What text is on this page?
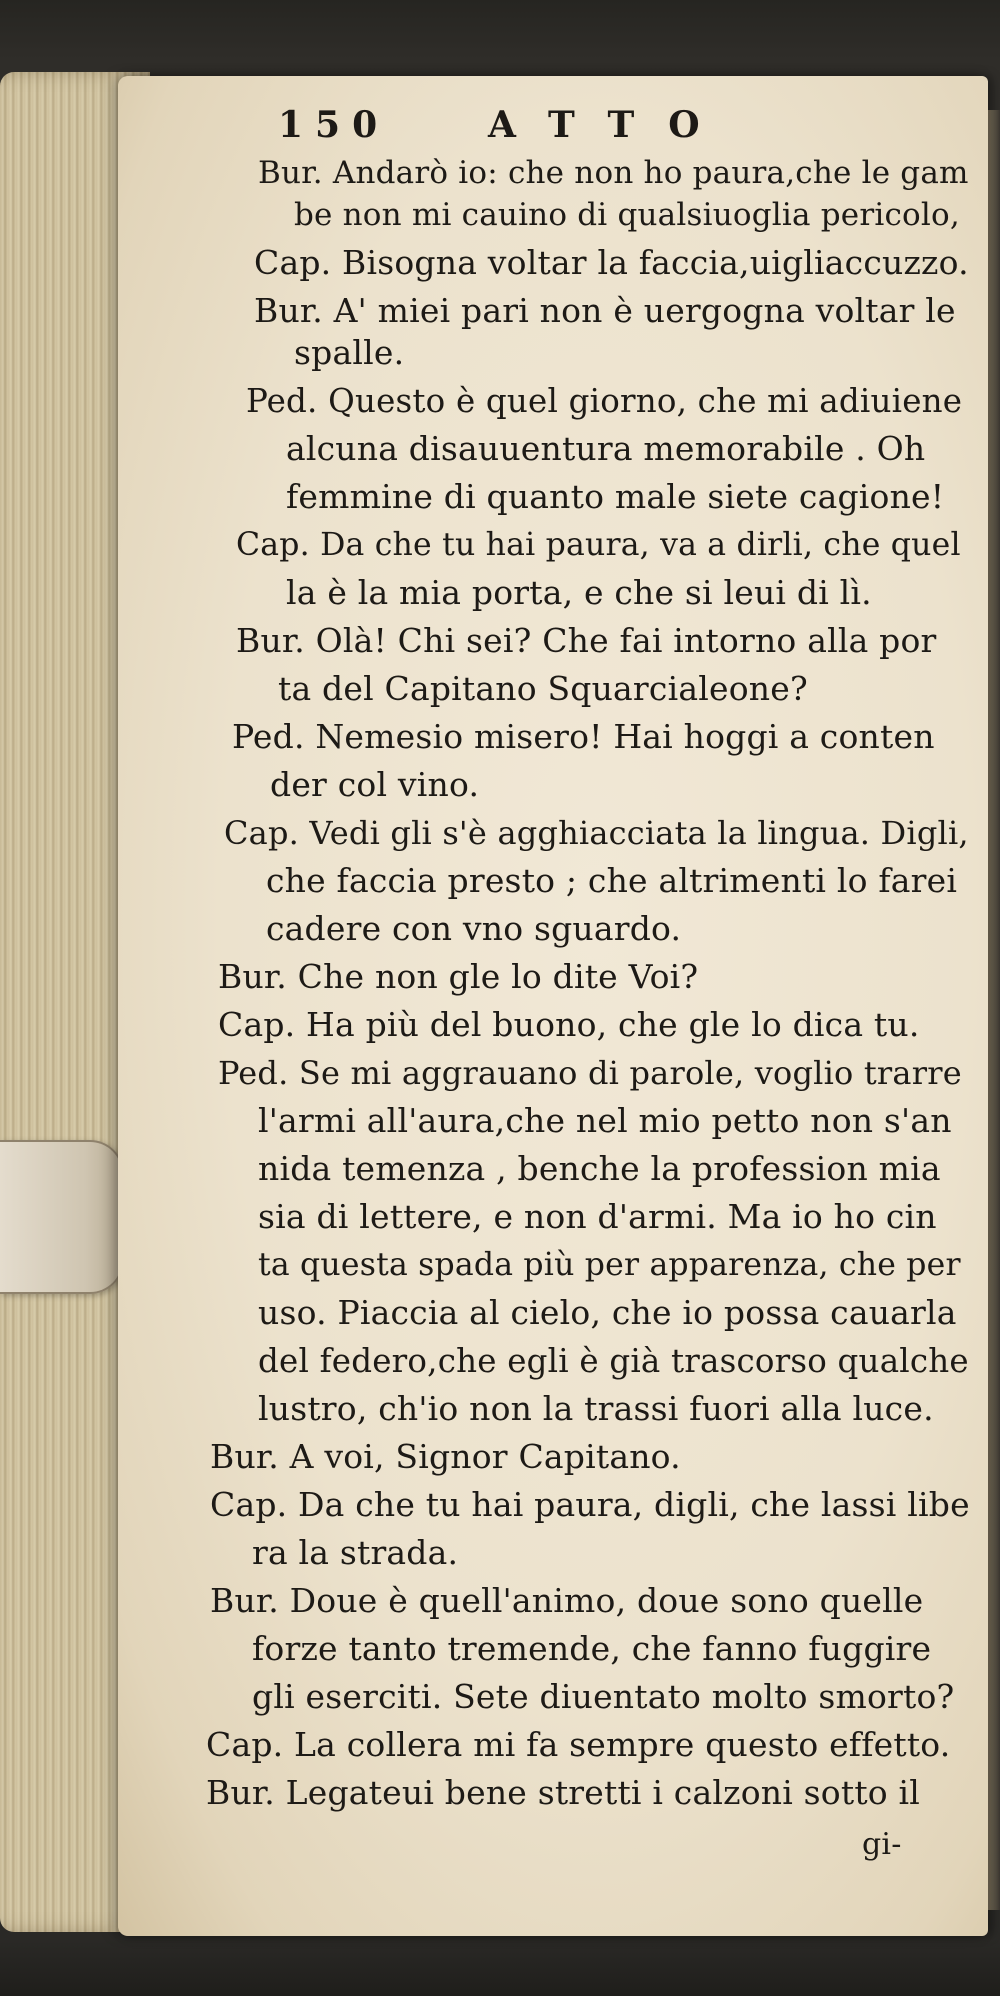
150	ATTO
Bur. Andarò io: che non ho paura,che le gam
be non mi cauino di qualsiuoglia pericolo,
Cap. Bisogna voltar la faccia,uigliaccuzzo.
Bur. A' miei pari non è uergogna voltar le
spalle.
Ped. Questo è quel giorno, che mi adiuiene
alcuna disauuentura memorabile . Oh
femmine di quanto male siete cagione!
Cap. Da che tu hai paura, va a dirli, che quel
la è la mia porta, e che si leui di lì.
Bur. Olà! Chi sei? Che fai intorno alla por
ta del Capitano Squarcialeone?
Ped. Nemesio misero! Hai hoggi a conten
der col vino.
Cap. Vedi gli s'è agghiacciata la lingua. Digli,
che faccia presto ; che altrimenti lo farei
cadere con vno sguardo.
Bur. Che non gle lo dite Voi?
Cap. Ha più del buono, che gle lo dica tu.
Ped. Se mi aggrauano di parole, voglio trarre
l'armi all'aura,che nel mio petto non s'an
nida temenza , benche la profession mia
sia di lettere, e non d'armi. Ma io ho cin
ta questa spada più per apparenza, che per
uso. Piaccia al cielo, che io possa cauarla
del federo,che egli è già trascorso qualche
lustro, ch'io non la trassi fuori alla luce.
Bur. A voi, Signor Capitano.
Cap. Da che tu hai paura, digli, che lassi libe
ra la strada.
Bur. Doue è quell'animo, doue sono quelle
forze tanto tremende, che fanno fuggire
gli eserciti. Sete diuentato molto smorto?
Cap. La collera mi fa sempre questo effetto.
Bur. Legateui bene stretti i calzoni sotto il
gi-
